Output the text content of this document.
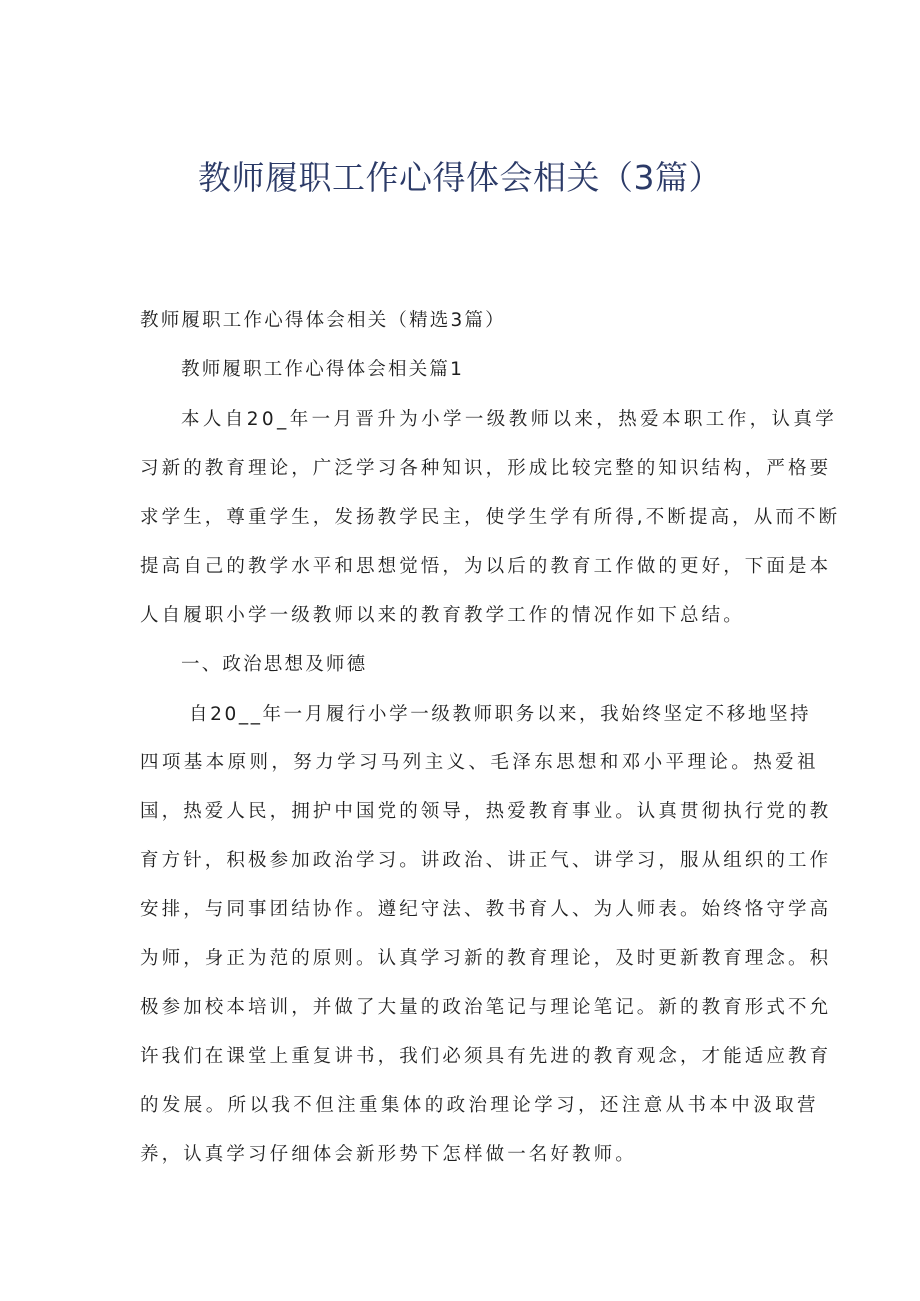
教师履职工作心得体会相关（3篇）
教师履职工作心得体会相关（精选3篇）
教师履职工作心得体会相关篇1
本人自20_年一月晋升为小学一级教师以来，热爱本职工作，认真学
习新的教育理论，广泛学习各种知识，形成比较完整的知识结构，严格要
求学生，尊重学生，发扬教学民主，使学生学有所得,不断提高，从而不断
提高自己的教学水平和思想觉悟，为以后的教育工作做的更好，下面是本
人自履职小学一级教师以来的教育教学工作的情况作如下总结。
一、政治思想及师德
自20__年一月履行小学一级教师职务以来，我始终坚定不移地坚持
四项基本原则，努力学习马列主义、毛泽东思想和邓小平理论。热爱祖
国，热爱人民，拥护中国党的领导，热爱教育事业。认真贯彻执行党的教
育方针，积极参加政治学习。讲政治、讲正气、讲学习，服从组织的工作
安排，与同事团结协作。遵纪守法、教书育人、为人师表。始终恪守学高
为师，身正为范的原则。认真学习新的教育理论，及时更新教育理念。积
极参加校本培训，并做了大量的政治笔记与理论笔记。新的教育形式不允
许我们在课堂上重复讲书，我们必须具有先进的教育观念，才能适应教育
的发展。所以我不但注重集体的政治理论学习，还注意从书本中汲取营
养，认真学习仔细体会新形势下怎样做一名好教师。
